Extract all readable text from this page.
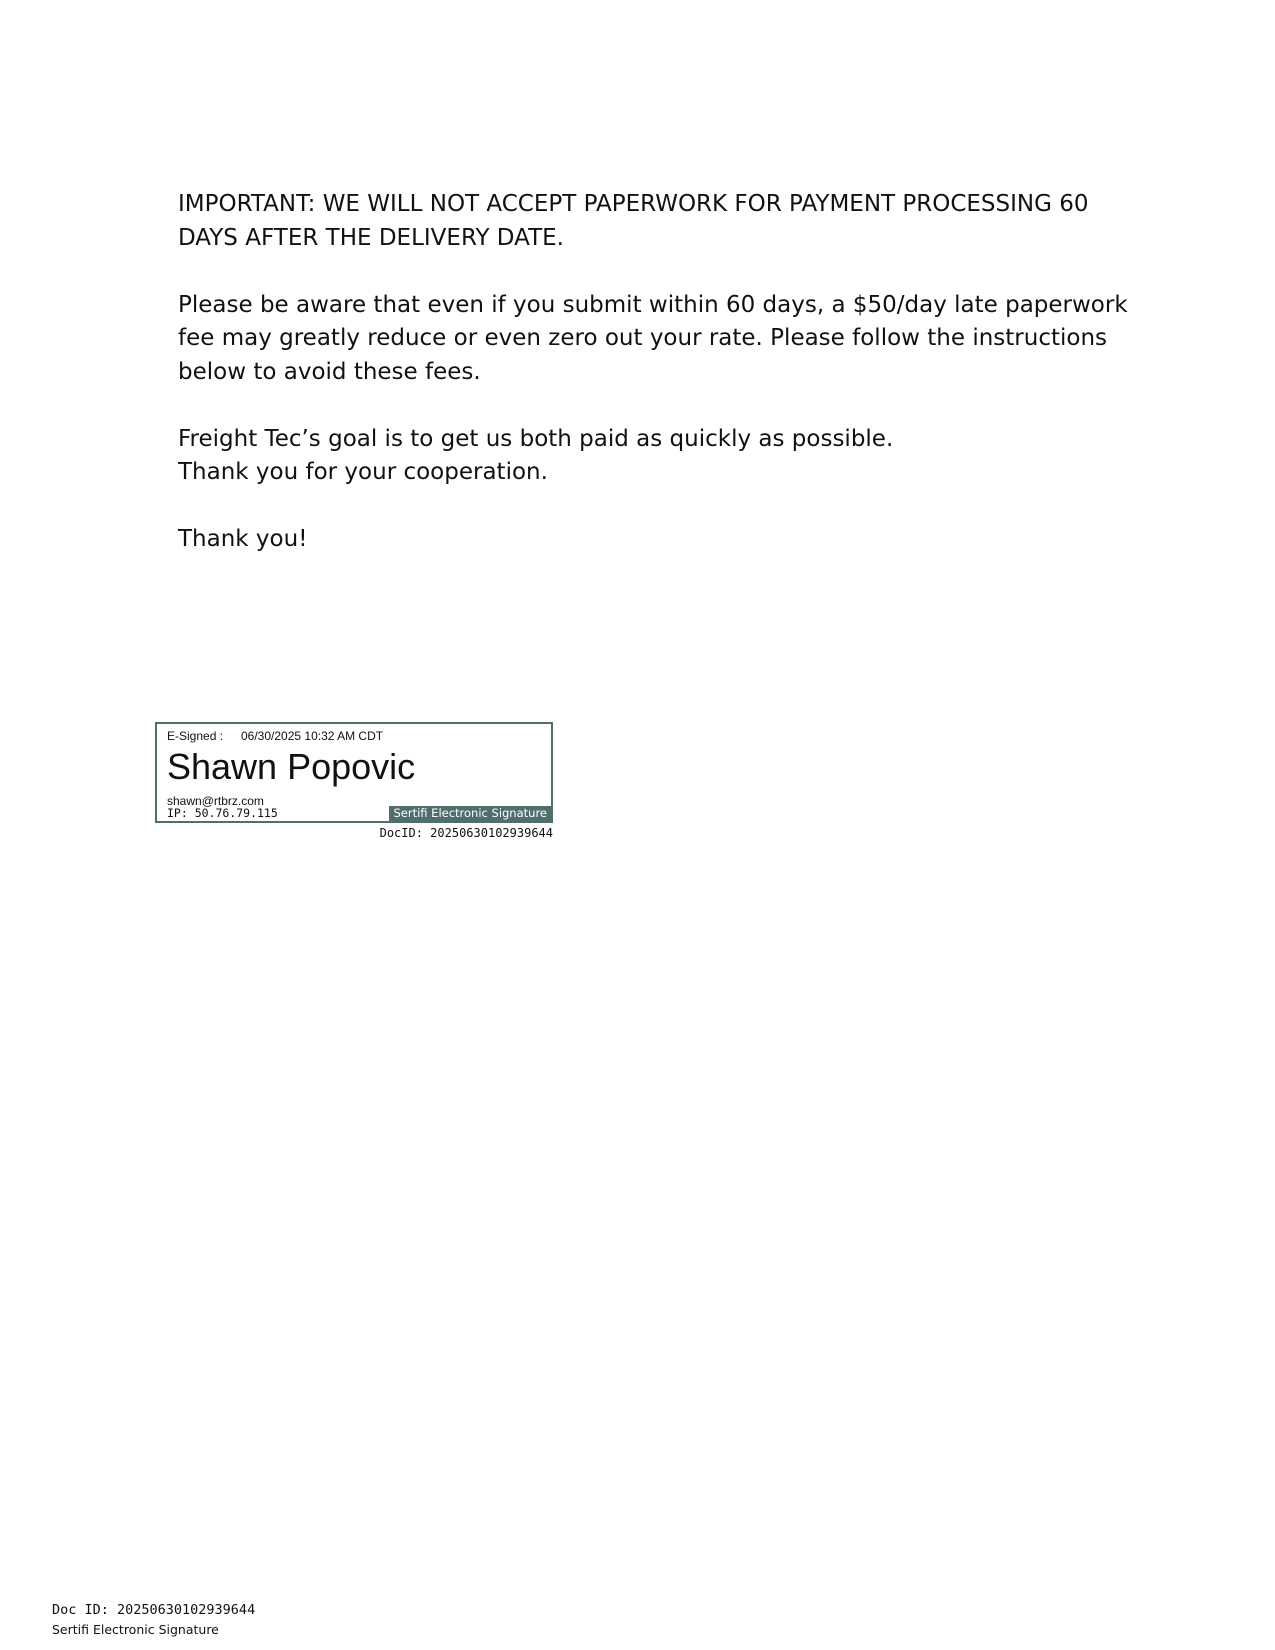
IMPORTANT: WE WILL NOT ACCEPT PAPERWORK FOR PAYMENT PROCESSING 60
DAYS AFTER THE DELIVERY DATE.

Please be aware that even if you submit within 60 days, a $50/day late paperwork
fee may greatly reduce or even zero out your rate. Please follow the instructions
below to avoid these fees.

Freight Tec’s goal is to get us both paid as quickly as possible.
Thank you for your cooperation.

Thank you!

E-Signed : 06/30/2025 10:32 AM CDT
Shawn Popovic
shawn@rtbrz.com
IP: 50.76.79.115	Sertifi Electronic Signature
DocID: 20250630102939644
Doc ID: 20250630102939644
Sertifi Electronic Signature
